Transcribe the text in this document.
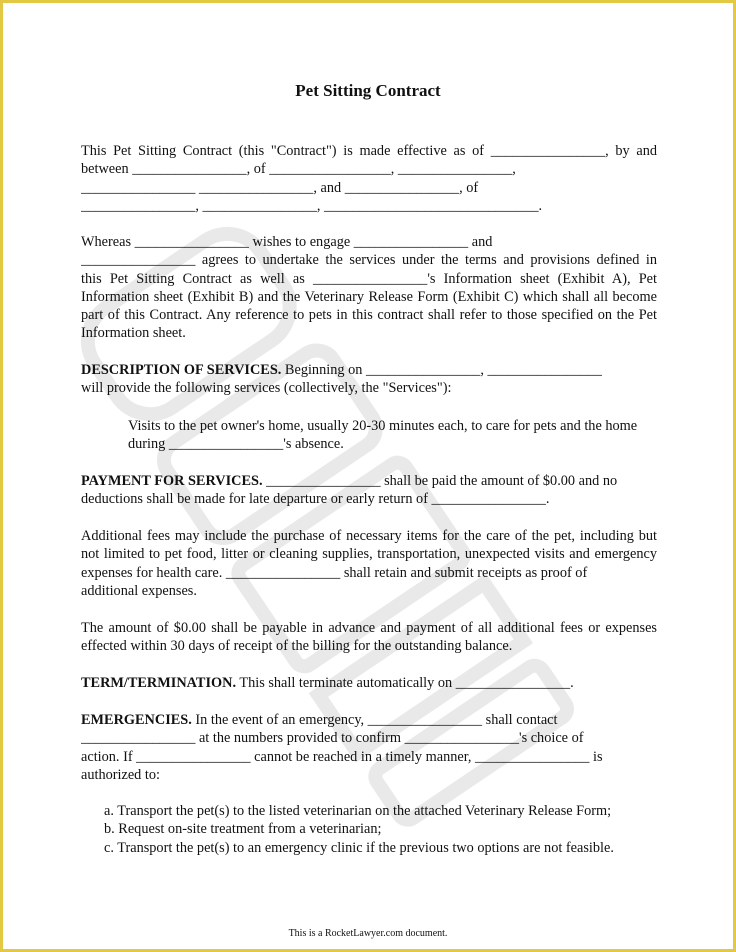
Pet Sitting Contract
This Pet Sitting Contract (this "Contract") is made effective as of ________________, by and
between ________________, of _________________, ________________,
________________ ________________, and ________________, of
________________, ________________, ______________________________.
Whereas ________________ wishes to engage ________________ and
________________ agrees to undertake the services under the terms and provisions defined in
this Pet Sitting Contract as well as ________________'s Information sheet (Exhibit A), Pet
Information sheet (Exhibit B) and the Veterinary Release Form (Exhibit C) which shall all become
part of this Contract. Any reference to pets in this contract shall refer to those specified on the Pet
Information sheet.
DESCRIPTION OF SERVICES. Beginning on ________________, ________________
will provide the following services (collectively, the "Services"):
Visits to the pet owner's home, usually 20-30 minutes each, to care for pets and the home
during ________________'s absence.
PAYMENT FOR SERVICES. ________________ shall be paid the amount of $0.00 and no
deductions shall be made for late departure or early return of ________________.
Additional fees may include the purchase of necessary items for the care of the pet, including but
not limited to pet food, litter or cleaning supplies, transportation, unexpected visits and emergency
expenses for health care. ________________ shall retain and submit receipts as proof of
additional expenses.
The amount of $0.00 shall be payable in advance and payment of all additional fees or expenses
effected within 30 days of receipt of the billing for the outstanding balance.
TERM/TERMINATION. This shall terminate automatically on ________________.
EMERGENCIES. In the event of an emergency, ________________ shall contact
________________ at the numbers provided to confirm ________________'s choice of
action. If ________________ cannot be reached in a timely manner, ________________ is
authorized to:
a. Transport the pet(s) to the listed veterinarian on the attached Veterinary Release Form;
b. Request on-site treatment from a veterinarian;
c. Transport the pet(s) to an emergency clinic if the previous two options are not feasible.
This is a RocketLawyer.com document.
